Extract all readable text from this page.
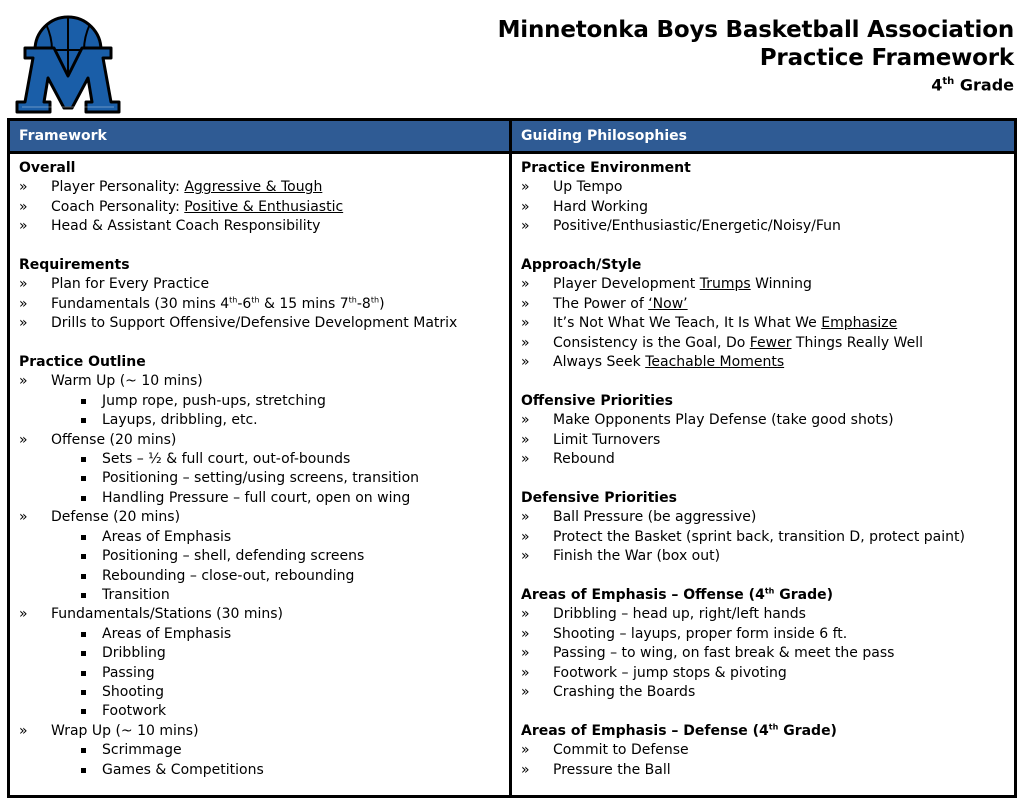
Minnetonka Boys Basketball Association
Practice Framework
4th Grade
Framework
Overall
» Player Personality: Aggressive & Tough
» Coach Personality: Positive & Enthusiastic
» Head & Assistant Coach Responsibility
Requirements
» Plan for Every Practice
» Fundamentals (30 mins 4th-6th & 15 mins 7th-8th)
» Drills to Support Offensive/Defensive Development Matrix
Practice Outline
» Warm Up (~ 10 mins)
Jump rope, push-ups, stretching
Layups, dribbling, etc.
» Offense (20 mins)
Sets – ½ & full court, out-of-bounds
Positioning – setting/using screens, transition
Handling Pressure – full court, open on wing
» Defense (20 mins)
Areas of Emphasis
Positioning – shell, defending screens
Rebounding – close-out, rebounding
Transition
» Fundamentals/Stations (30 mins)
Areas of Emphasis
Dribbling
Passing
Shooting
Footwork
» Wrap Up (~ 10 mins)
Scrimmage
Games & Competitions
Guiding Philosophies
Practice Environment
» Up Tempo
» Hard Working
» Positive/Enthusiastic/Energetic/Noisy/Fun
Approach/Style
» Player Development Trumps Winning
» The Power of ‘Now’
» It’s Not What We Teach, It Is What We Emphasize
» Consistency is the Goal, Do Fewer Things Really Well
» Always Seek Teachable Moments
Offensive Priorities
» Make Opponents Play Defense (take good shots)
» Limit Turnovers
» Rebound
Defensive Priorities
» Ball Pressure (be aggressive)
» Protect the Basket (sprint back, transition D, protect paint)
» Finish the War (box out)
Areas of Emphasis – Offense (4th Grade)
» Dribbling – head up, right/left hands
» Shooting – layups, proper form inside 6 ft.
» Passing – to wing, on fast break & meet the pass
» Footwork – jump stops & pivoting
» Crashing the Boards
Areas of Emphasis – Defense (4th Grade)
» Commit to Defense
» Pressure the Ball
